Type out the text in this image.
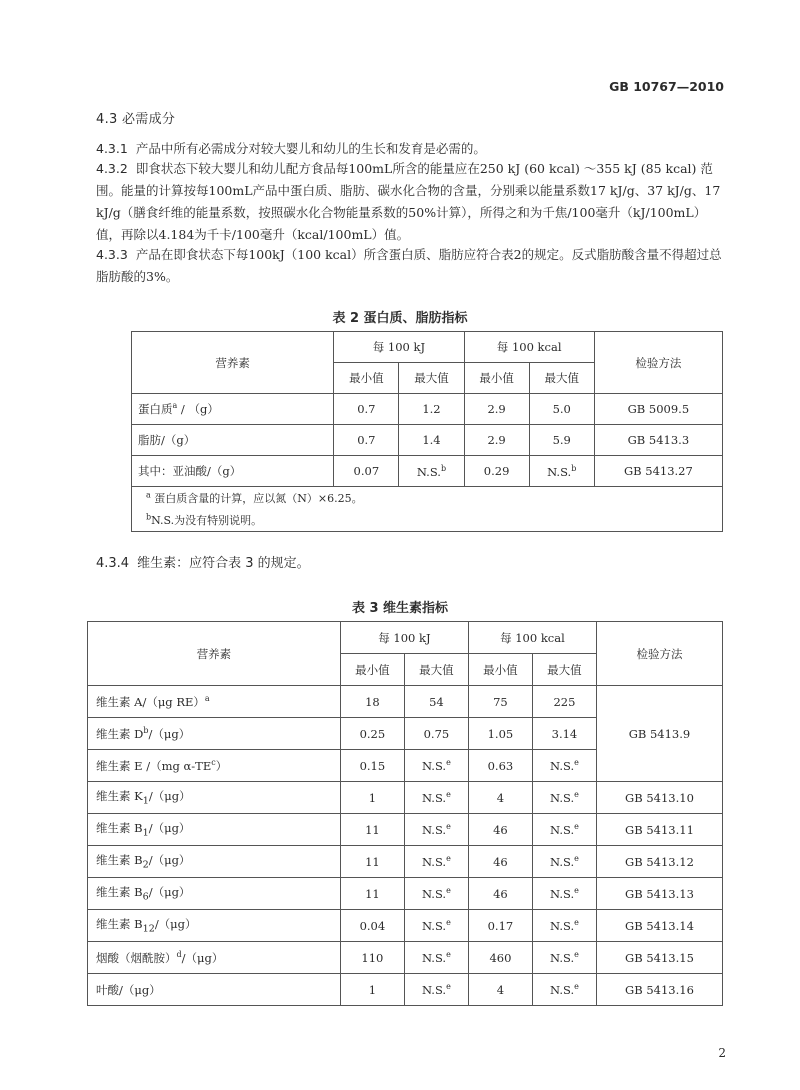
GB 10767—2010
4.3 必需成分
4.3.1 产品中所有必需成分对较大婴儿和幼儿的生长和发育是必需的。
4.3.2 即食状态下较大婴儿和幼儿配方食品每100mL所含的能量应在250 kJ (60 kcal) ～355 kJ (85 kcal) 范围。能量的计算按每100mL产品中蛋白质、脂肪、碳水化合物的含量，分别乘以能量系数17 kJ/g、37 kJ/g、17 kJ/g（膳食纤维的能量系数，按照碳水化合物能量系数的50%计算），所得之和为千焦/100毫升（kJ/100mL）值，再除以4.184为千卡/100毫升（kcal/100mL）值。
4.3.3 产品在即食状态下每100kJ（100 kcal）所含蛋白质、脂肪应符合表2的规定。反式脂肪酸含量不得超过总脂肪酸的3%。
表 2 蛋白质、脂肪指标
营养素	每 100 kJ		每 100 kcal		检验方法
	最小值	最大值	最小值	最大值	
蛋白质$^a$ / （g）	0.7	1.2	2.9	5.0	GB 5009.5
脂肪/（g）	0.7	1.4	2.9	5.9	GB 5413.3
其中：亚油酸/（g）	0.07	N.S.$^b$	0.29	N.S.$^b$	GB 5413.27
$^a$ 蛋白质含量的计算，应以氮（N）×6.25。					
$^b$N.S.为没有特别说明。					
4.3.4 维生素：应符合表 3 的规定。
表 3 维生素指标
营养素	每 100 kJ		每 100 kcal		检验方法
	最小值	最大值	最小值	最大值	
维生素 A/（μg RE）$^a$	18	54	75	225	GB 5413.9
维生素 $D^b/(\mu g)$	0.25	0.75	1.05	3.14	
维生素 E /（mg $\alpha-TE^c$）	0.15	N.S.$^e$	0.63	N.S.$^e$
维生素 $K_1/(\mu g)$	1	N.S.$^e$	4	N.S.$^e$	GB 5413.10
维生素 $B_1/(\mu g)$	11	N.S.$^e$	46	N.S.$^e$	GB 5413.11
维生素 $B_2/(\mu g)$	11	N.S.$^e$	46	N.S.$^e$	GB 5413.12
维生素 $B_6/(\mu g)$	11	N.S.$^e$	46	N.S.$^e$	GB 5413.13
维生素 $B_{12}/(\mu g)$	0.04	N.S.$^e$	0.17	N.S.$^e$	GB 5413.14
烟酸（烟酰胺）$^d$/（μg）	110	N.S.$^e$	460	N.S.$^e$	GB 5413.15
叶酸/（μg）	1	N.S.$^e$	4	N.S.$^e$	GB 5413.16
2
